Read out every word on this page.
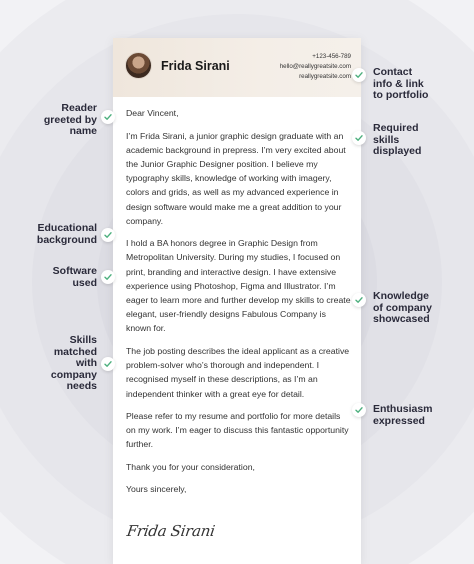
Frida Sirani
+123-456-789
hello@reallygreatsite.com
reallygreatsite.com

Dear Vincent,

I’m Frida Sirani, a junior graphic design graduate with an academic background in prepress. I’m very excited about the Junior Graphic Designer position. I believe my typography skills, knowledge of working with imagery, colors and grids, as well as my advanced experience in design software would make me a great addition to your company.

I hold a BA honors degree in Graphic Design from Metropolitan University. During my studies, I focused on print, branding and interactive design. I have extensive experience using Photoshop, Figma and Illustrator. I’m eager to learn more and further develop my skills to create elegant, user-friendly designs Fabulous Company is known for.

The job posting describes the ideal applicant as a creative problem-solver who’s thorough and independent. I recognised myself in these descriptions, as I’m an independent thinker with a great eye for detail.

Please refer to my resume and portfolio for more details on my work. I’m eager to discuss this fantastic opportunity further.

Thank you for your consideration,

Yours sincerely,

Frida Sirani
Contact
info & link
to portfolio
Required
skills
displayed
Knowledge
of company
showcased
Enthusiasm
expressed
Reader
greeted by
name
Educational
background
Software
used
Skills
matched
with
company
needs
